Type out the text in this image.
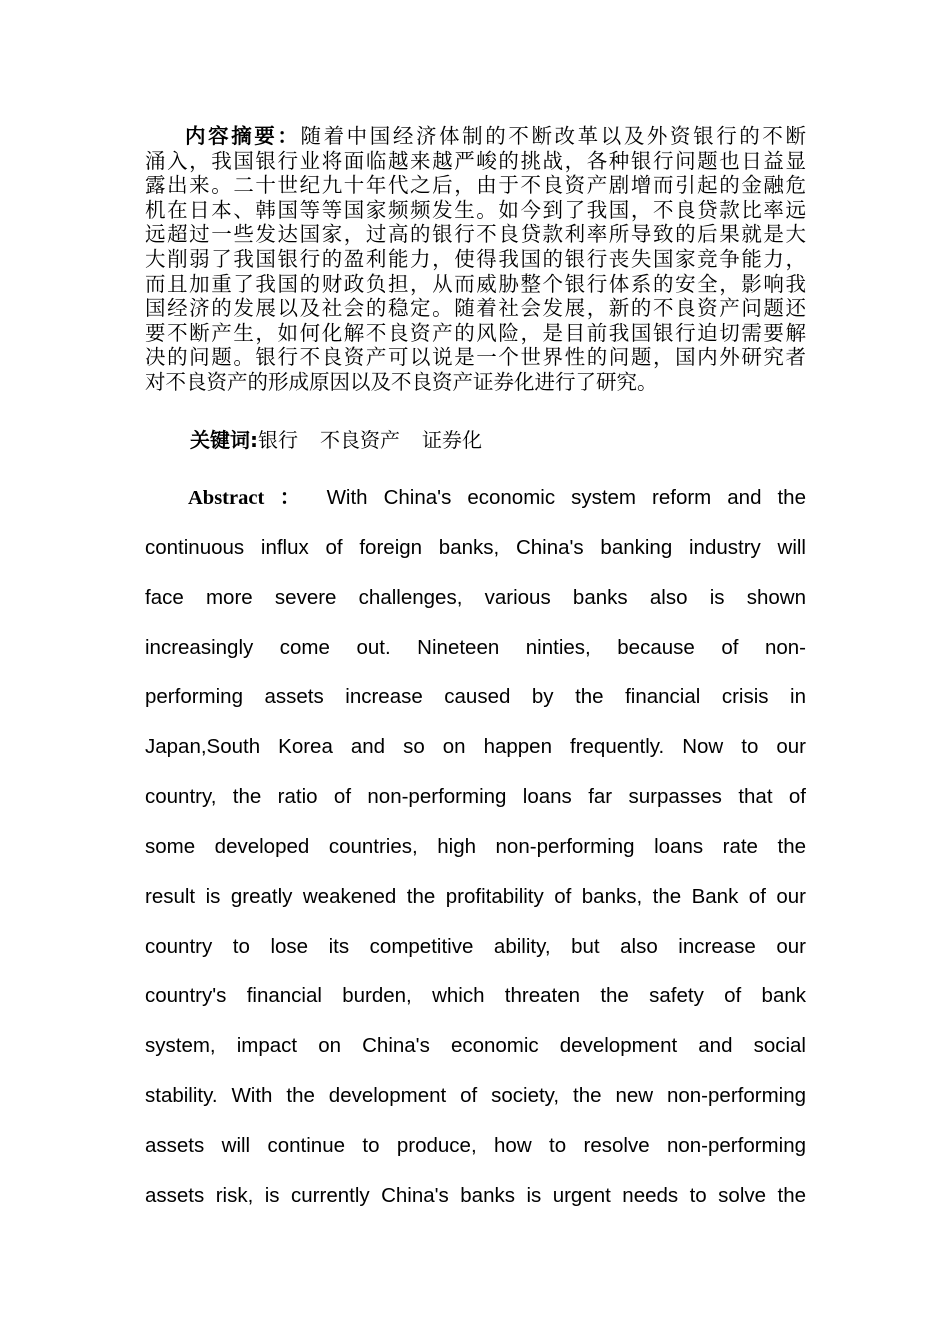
内容摘要：随着中国经济体制的不断改革以及外资银行的不断
涌入，我国银行业将面临越来越严峻的挑战，各种银行问题也日益显
露出来。二十世纪九十年代之后，由于不良资产剧增而引起的金融危
机在日本、韩国等等国家频频发生。如今到了我国，不良贷款比率远
远超过一些发达国家，过高的银行不良贷款利率所导致的后果就是大
大削弱了我国银行的盈利能力，使得我国的银行丧失国家竞争能力，
而且加重了我国的财政负担，从而威胁整个银行体系的安全，影响我
国经济的发展以及社会的稳定。随着社会发展，新的不良资产问题还
要不断产生，如何化解不良资产的风险，是目前我国银行迫切需要解
决的问题。银行不良资产可以说是一个世界性的问题，国内外研究者
对不良资产的形成原因以及不良资产证券化进行了研究。
关键词:银行 不良资产 证券化
Abstract ： With China's economic system reform and the
continuous influx of foreign banks, China's banking industry will
face more severe challenges, various banks also is shown
increasingly come out. Nineteen ninties, because of non-
performing assets increase caused by the financial crisis in
Japan,South Korea and so on happen frequently. Now to our
country, the ratio of non-performing loans far surpasses that of
some developed countries, high non-performing loans rate the
result is greatly weakened the profitability of banks, the Bank of our
country to lose its competitive ability, but also increase our
country's financial burden, which threaten the safety of bank
system, impact on China's economic development and social
stability. With the development of society, the new non-performing
assets will continue to produce, how to resolve non-performing
assets risk, is currently China's banks is urgent needs to solve the
